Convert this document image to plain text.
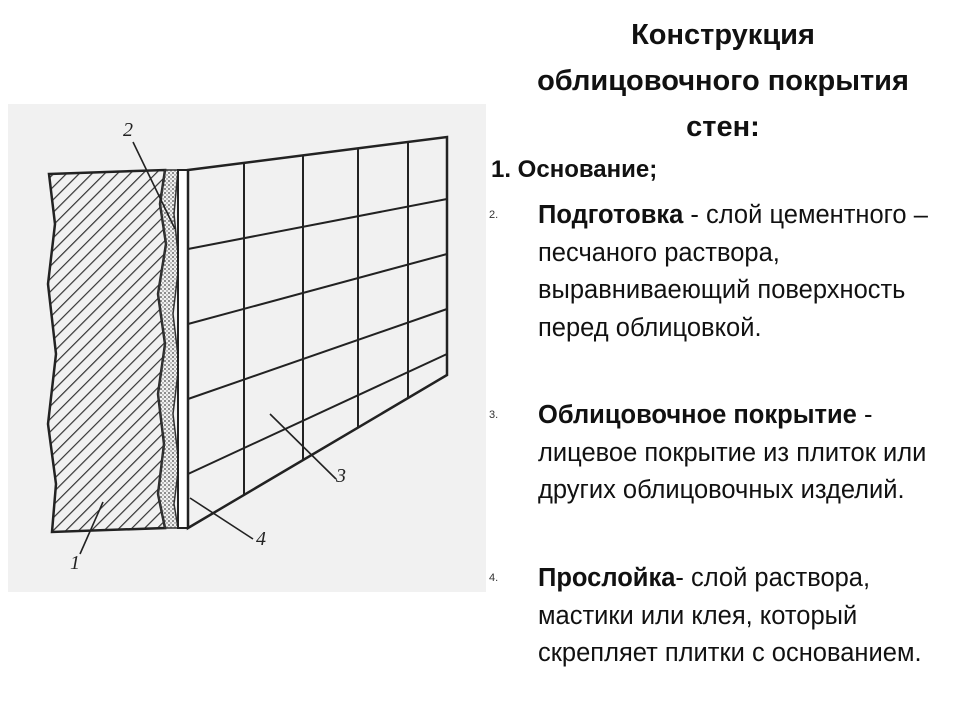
2
3
4
1
Конструкция
облицовочного покрытия
стен:
1. Основание;
2. Подготовка - слой цементного – песчаного раствора, выравниваеющий поверхность перед облицовкой.
3. Облицовочное покрытие - лицевое покрытие из плиток или других облицовочных изделий.
4. Прослойка- слой раствора, мастики или клея, который скрепляет плитки с основанием.
